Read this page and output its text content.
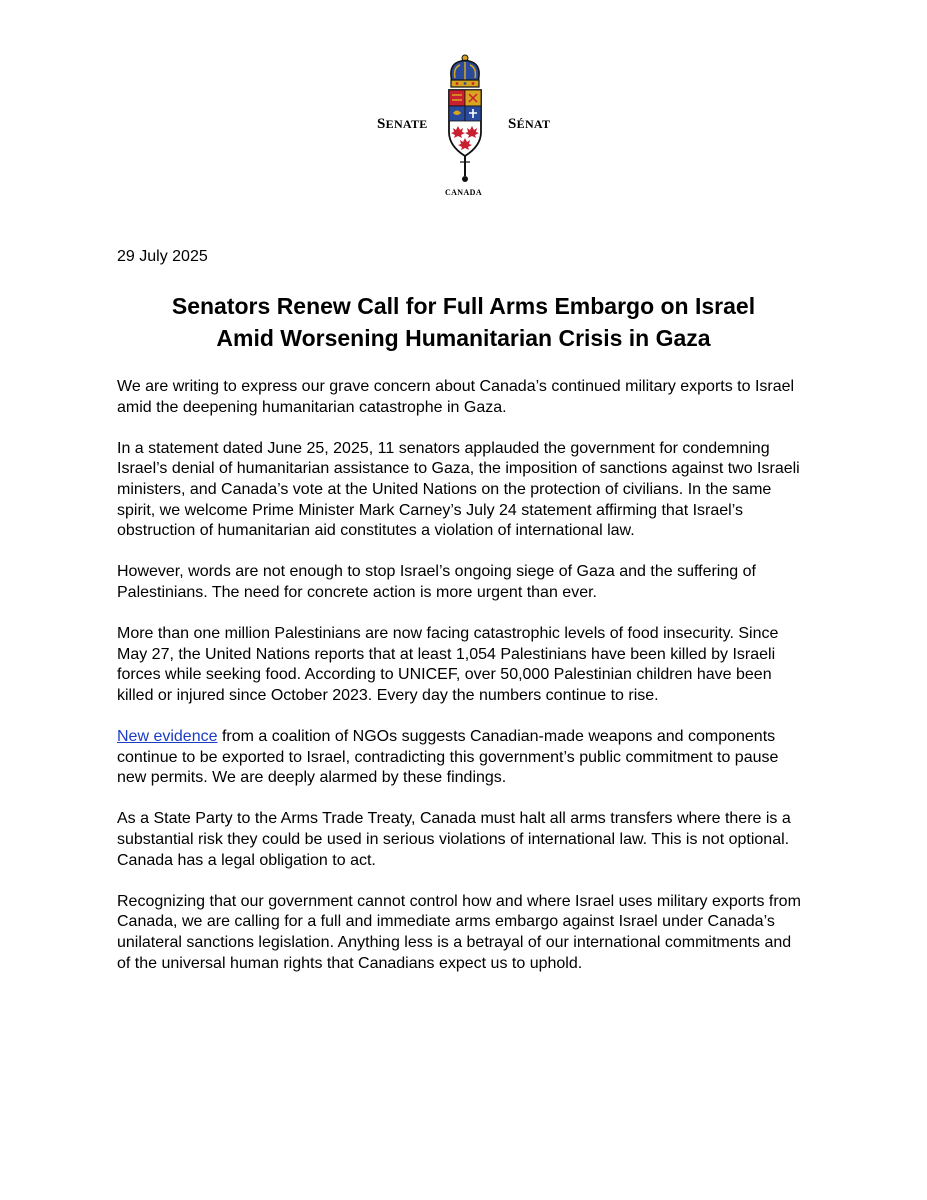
SENATE	SÉNAT
CANADA
29 July 2025
Senators Renew Call for Full Arms Embargo on Israel
Amid Worsening Humanitarian Crisis in Gaza

We are writing to express our grave concern about Canada’s continued military exports to Israel amid the deepening humanitarian catastrophe in Gaza.

In a statement dated June 25, 2025, 11 senators applauded the government for condemning Israel’s denial of humanitarian assistance to Gaza, the imposition of sanctions against two Israeli ministers, and Canada’s vote at the United Nations on the protection of civilians. In the same spirit, we welcome Prime Minister Mark Carney’s July 24 statement affirming that Israel’s obstruction of humanitarian aid constitutes a violation of international law.

However, words are not enough to stop Israel’s ongoing siege of Gaza and the suffering of Palestinians. The need for concrete action is more urgent than ever.

More than one million Palestinians are now facing catastrophic levels of food insecurity. Since May 27, the United Nations reports that at least 1,054 Palestinians have been killed by Israeli forces while seeking food. According to UNICEF, over 50,000 Palestinian children have been killed or injured since October 2023. Every day the numbers continue to rise.

New evidence from a coalition of NGOs suggests Canadian-made weapons and components continue to be exported to Israel, contradicting this government’s public commitment to pause new permits. We are deeply alarmed by these findings.

As a State Party to the Arms Trade Treaty, Canada must halt all arms transfers where there is a substantial risk they could be used in serious violations of international law. This is not optional. Canada has a legal obligation to act.

Recognizing that our government cannot control how and where Israel uses military exports from Canada, we are calling for a full and immediate arms embargo against Israel under Canada’s unilateral sanctions legislation. Anything less is a betrayal of our international commitments and of the universal human rights that Canadians expect us to uphold.
